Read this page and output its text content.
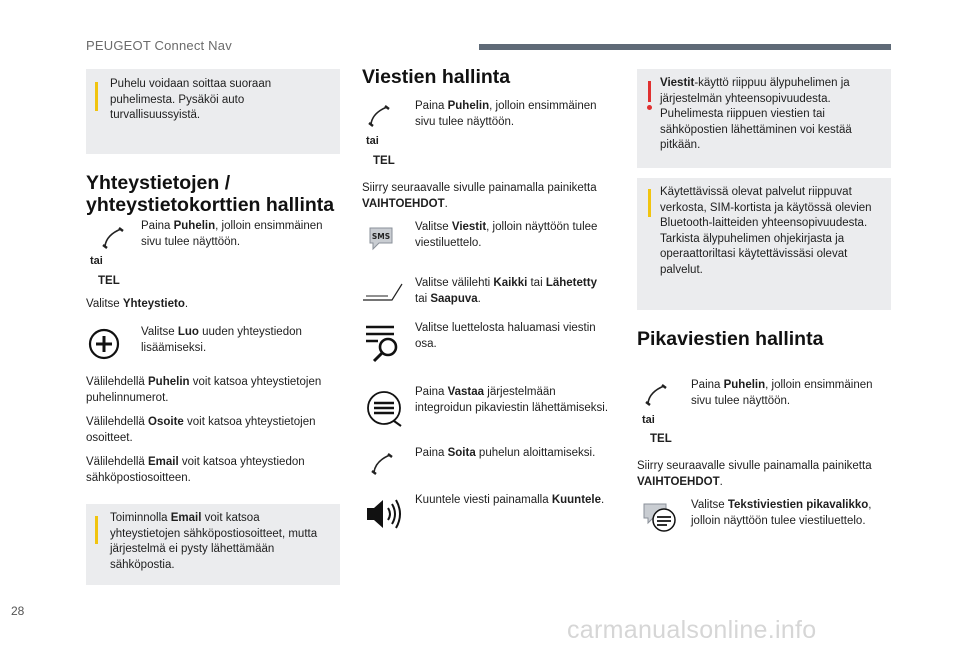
PEUGEOT Connect Nav
Puhelu voidaan soittaa suoraan puhelimesta. Pysäköi auto turvallisuussyistä.
Yhteystietojen /
yhteystietokorttien hallinta
Paina Puhelin, jolloin ensimmäinen sivu tulee näyttöön.
tai
TEL
Valitse Yhteystieto.
Valitse Luo uuden yhteystiedon lisäämiseksi.
Välilehdellä Puhelin voit katsoa yhteystietojen puhelinnumerot.
Välilehdellä Osoite voit katsoa yhteystietojen osoitteet.
Välilehdellä Email voit katsoa yhteystiedon sähköpostiosoitteen.
Toiminnolla Email voit katsoa yhteystietojen sähköpostiosoitteet, mutta järjestelmä ei pysty lähettämään sähköpostia.
Viestien hallinta
Paina Puhelin, jolloin ensimmäinen sivu tulee näyttöön.
tai
TEL
Siirry seuraavalle sivulle painamalla painiketta VAIHTOEHDOT.
SMS
Valitse Viestit, jolloin näyttöön tulee viestiluettelo.
Valitse välilehti Kaikki tai Lähetetty tai Saapuva.
Valitse luettelosta haluamasi viestin osa.
Paina Vastaa järjestelmään integroidun pikaviestin lähettämiseksi.
Paina Soita puhelun aloittamiseksi.
Kuuntele viesti painamalla Kuuntele.
Viestit-käyttö riippuu älypuhelimen ja järjestelmän yhteensopivuudesta. Puhelimesta riippuen viestien tai sähköpostien lähettäminen voi kestää pitkään.
Käytettävissä olevat palvelut riippuvat verkosta, SIM-kortista ja käytössä olevien Bluetooth-laitteiden yhteensopivuudesta. Tarkista älypuhelimen ohjekirjasta ja operaattoriltasi käytettävissäsi olevat palvelut.
Pikaviestien hallinta
Paina Puhelin, jolloin ensimmäinen sivu tulee näyttöön.
tai
TEL
Siirry seuraavalle sivulle painamalla painiketta VAIHTOEHDOT.
Valitse Tekstiviestien pikavalikko, jolloin näyttöön tulee viestiluettelo.
28
carmanualsonline.info
